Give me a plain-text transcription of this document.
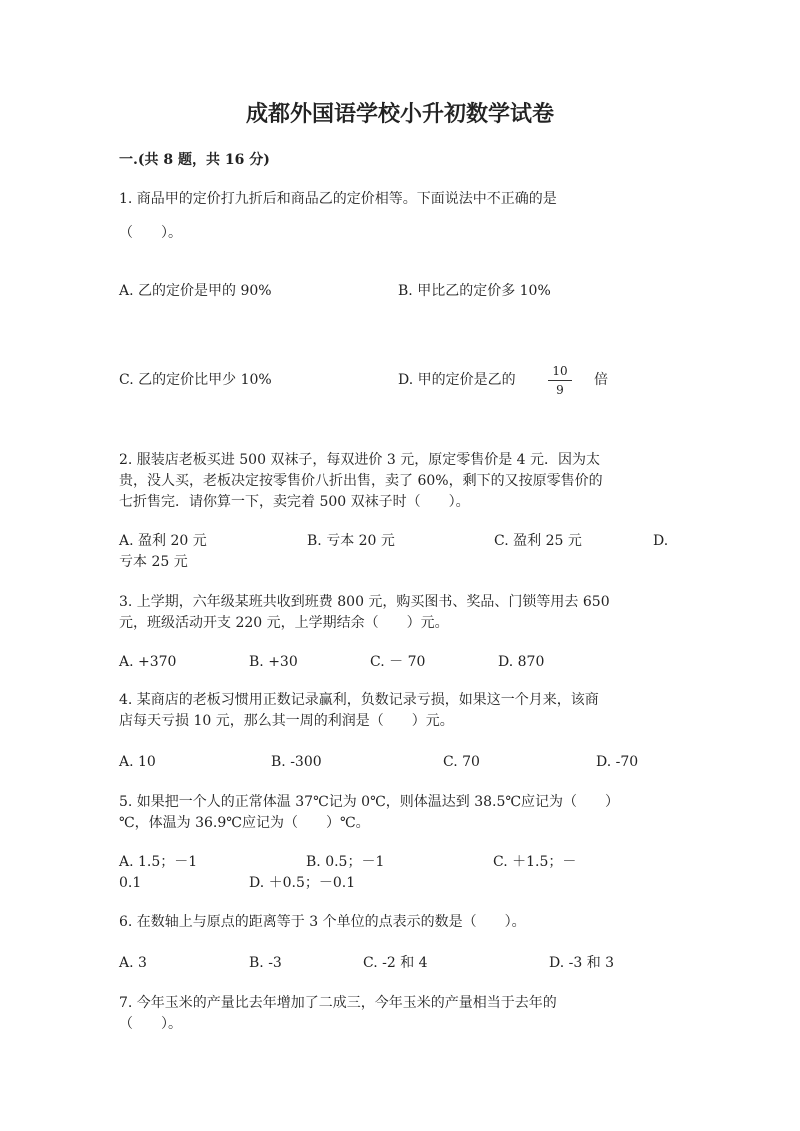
成都外国语学校小升初数学试卷
一.(共 8 题，共 16 分)
1. 商品甲的定价打九折后和商品乙的定价相等。下面说法中不正确的是
（　　）。
A. 乙的定价是甲的 90%	B. 甲比乙的定价多 10%
C. 乙的定价比甲少 10%	D. 甲的定价是乙的
10
9
倍
2. 服装店老板买进 500 双袜子，每双进价 3 元，原定零售价是 4 元．因为太
贵，没人买，老板决定按零售价八折出售，卖了 60%，剩下的又按原零售价的
七折售完．请你算一下，卖完着 500 双袜子时（　　）。
A. 盈利 20 元	B. 亏本 20 元	C. 盈利 25 元	D.
亏本 25 元
3. 上学期，六年级某班共收到班费 800 元，购买图书、奖品、门锁等用去 650
元，班级活动开支 220 元，上学期结余（　　）元。
A. +370	B. +30	C. － 70	D. 870
4. 某商店的老板习惯用正数记录赢利，负数记录亏损，如果这一个月来，该商
店每天亏损 10 元，那么其一周的利润是（　　）元。
A. 10	B. -300	C. 70	D. -70
5. 如果把一个人的正常体温 37℃记为 0℃，则体温达到 38.5℃应记为（　　）
℃，体温为 36.9℃应记为（　　）℃。
A. 1.5；－1	B. 0.5；－1	C. ＋1.5；－
0.1	D. ＋0.5；－0.1
6. 在数轴上与原点的距离等于 3 个单位的点表示的数是（　　）。
A. 3	B. -3	C. -2 和 4	D. -3 和 3
7. 今年玉米的产量比去年增加了二成三，今年玉米的产量相当于去年的
（　　）。
